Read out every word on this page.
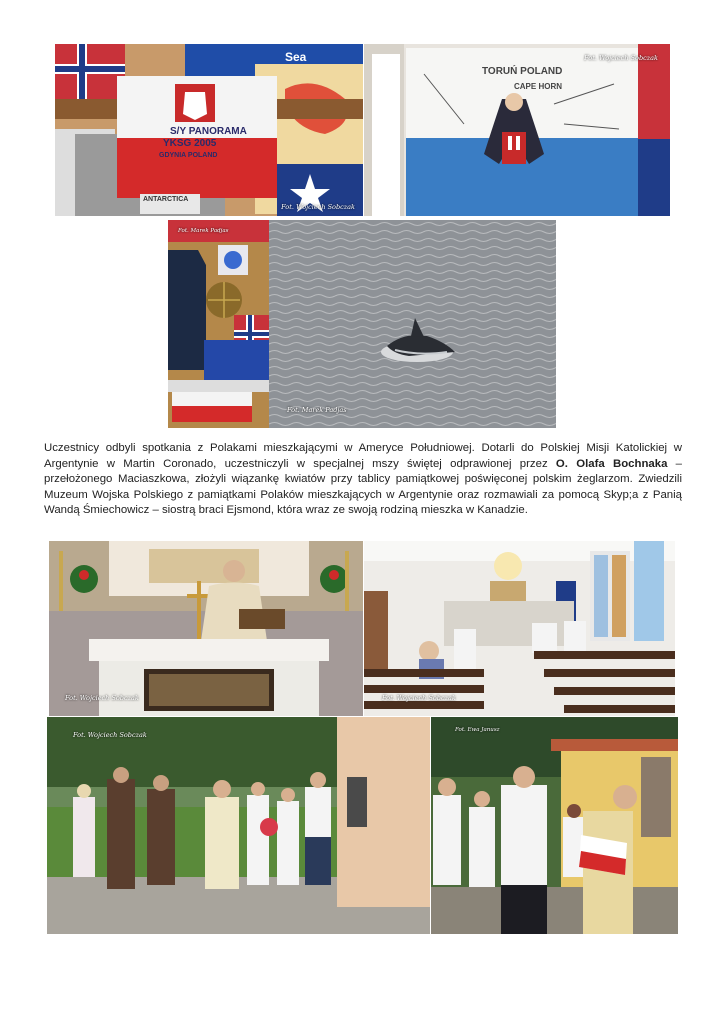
S/Y PANORAMA
YKSG 2005
GDYNIA POLAND
Sea
ANTARCTICA
Fot. Wojciech Sobczak
TORUŃ POLAND
CAPE HORN
Fot. Wojciech Sobczak
Fot. Marek Padjas
Fot. Marek Padjas
Uczestnicy odbyli spotkania z Polakami mieszkającymi w Ameryce Południowej. Dotarli do Polskiej Misji Katolickiej w Argentynie w Martin Coronado, uczestniczyli w specjalnej mszy świętej odprawionej przez O. Olafa Bochnaka – przełożonego Maciaszkowa, złożyli wiązankę kwiatów przy tablicy pamiątkowej poświęconej polskim żeglarzom. Zwiedzili Muzeum Wojska Polskiego z pamiątkami Polaków mieszkających w Argentynie oraz rozmawiali za pomocą Skyp;a z Panią Wandą Śmiechowicz – siostrą braci Ejsmond, która wraz ze swoją rodziną mieszka w Kanadzie.
Fot. Wojciech Sobczak	Fot. Wojciech Sobczak
Fot. Wojciech Sobczak
Fot. Ewa Janusz
